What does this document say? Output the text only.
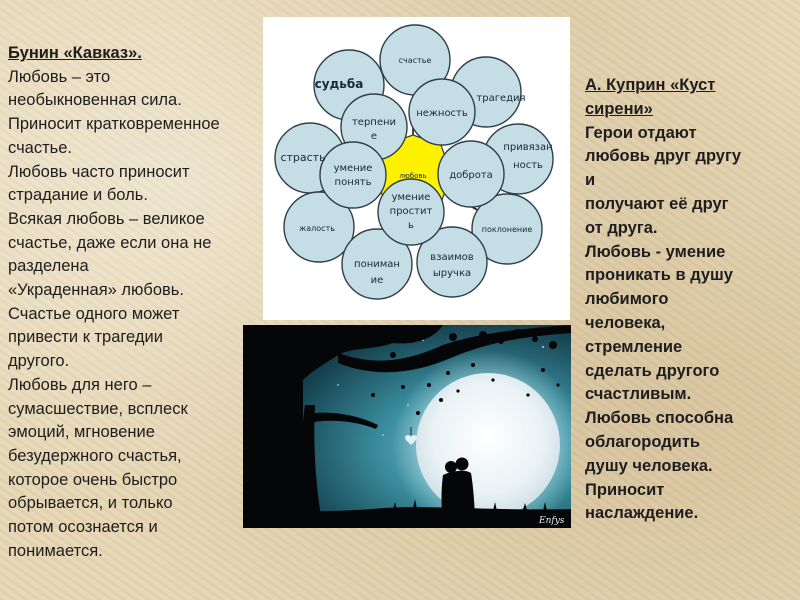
Бунин «Кавказ».
Любовь – это
необыкновенная сила.
Приносит кратковременное
счастье.
Любовь часто приносит
страдание и боль.
Всякая любовь – великое
счастье, даже если она не
разделена
«Украденная» любовь.
Счастье одного может
привести к трагедии
другого.
Любовь для него –
сумасшествие, всплеск
эмоций, мгновение
безудержного счастья,
которое очень быстро
обрывается, и только
потом осознается и
понимается.
счастье
судьба
трагедия
страсть
привязан
ность
жалость	поклонение
пониман
ие
взаимов
ыручка
терпени
е
нежность
умение
понять
доброта
любовь
умение
простит
ь
Enfys
А. Куприн «Куст
сирени»
Герои отдают
любовь друг другу
и
получают её друг
от друга.
Любовь - умение
проникать в душу
любимого
человека,
стремление
сделать другого
счастливым.
Любовь способна
облагородить
душу человека.
Приносит
наслаждение.
